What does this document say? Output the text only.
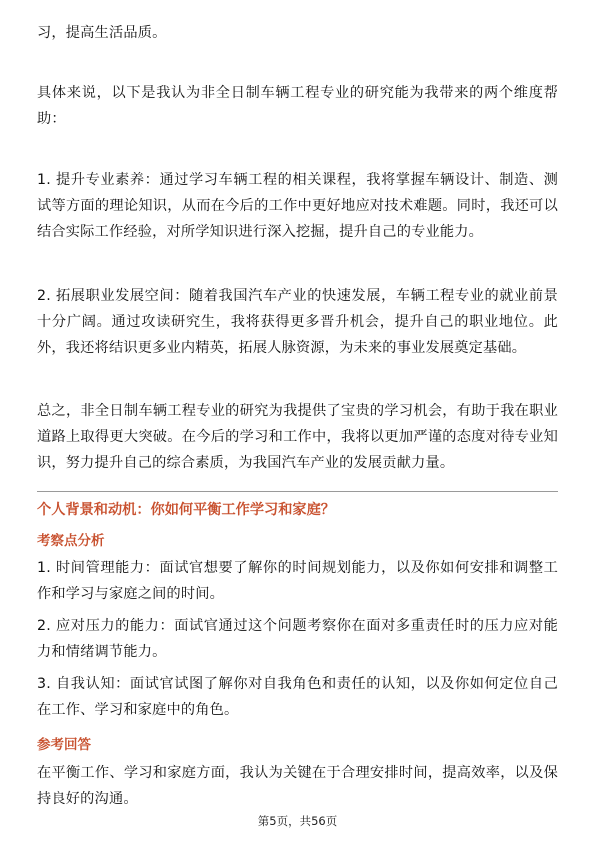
习，提高生活品质。

具体来说，以下是我认为非全日制车辆工程专业的研究能为我带来的两个维度帮助：

1. 提升专业素养：通过学习车辆工程的相关课程，我将掌握车辆设计、制造、测试等方面的理论知识，从而在今后的工作中更好地应对技术难题。同时，我还可以结合实际工作经验，对所学知识进行深入挖掘，提升自己的专业能力。

2. 拓展职业发展空间：随着我国汽车产业的快速发展，车辆工程专业的就业前景十分广阔。通过攻读研究生，我将获得更多晋升机会，提升自己的职业地位。此外，我还将结识更多业内精英，拓展人脉资源，为未来的事业发展奠定基础。

总之，非全日制车辆工程专业的研究为我提供了宝贵的学习机会，有助于我在职业道路上取得更大突破。在今后的学习和工作中，我将以更加严谨的态度对待专业知识，努力提升自己的综合素质，为我国汽车产业的发展贡献力量。

个人背景和动机：你如何平衡工作学习和家庭？

考察点分析

1. 时间管理能力：面试官想要了解你的时间规划能力，以及你如何安排和调整工作和学习与家庭之间的时间。

2. 应对压力的能力：面试官通过这个问题考察你在面对多重责任时的压力应对能力和情绪调节能力。

3. 自我认知：面试官试图了解你对自我角色和责任的认知，以及你如何定位自己在工作、学习和家庭中的角色。

参考回答

在平衡工作、学习和家庭方面，我认为关键在于合理安排时间，提高效率，以及保持良好的沟通。

第5页，共56页
